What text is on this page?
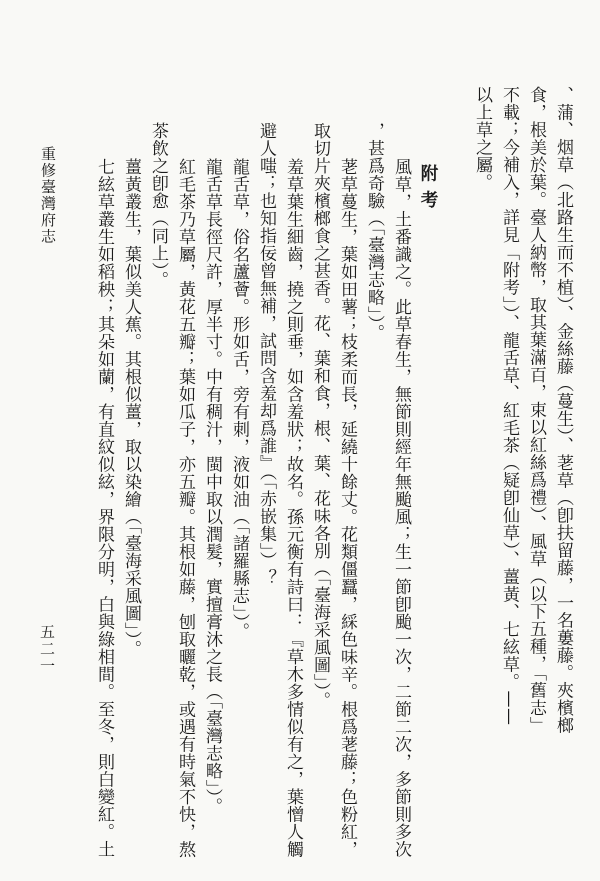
重修臺灣府志
五二一	、蒲、烟草（北路生而不植）、金絲藤（蔓生）、荖草（卽扶留藤，一名蔞藤。夾檳榔
食，根美於葉。臺人納幣，取其葉滿百，束以紅絲爲禮）、風草（以下五種，「舊志」
不載；今補入，詳見「附考」）、龍舌草、紅毛茶（疑卽仙草）、薑黃、七絃草。——
以上草之屬。
附考
風草，土番識之。此草春生，無節則經年無颱風；生一節卽颱一次，二節二次，多節則多次
，甚爲奇驗（「臺灣志略」）。
荖草蔓生，葉如田薯；枝柔而長，延繞十餘丈。花類僵蠶，綵色味辛。根爲荖藤；色粉紅，
取切片夾檳榔食之甚香。花、葉和食，根、葉、花味各別（「臺海采風圖」）。
羞草葉生細齒，撓之則垂，如含羞狀；故名。孫元衡有詩曰：『草木多情似有之，葉憎人觸
避人嗤；也知指佞曾無補，試問含羞却爲誰』（「赤嵌集」）？
龍舌草，俗名蘆薈。形如舌，旁有刺，液如油（「諸羅縣志」）。
龍舌草長徑尺許，厚半寸。中有稠汁，閩中取以潤髮，實擅膏沐之長（「臺灣志略」）。
紅毛茶乃草屬，黃花五瓣；葉如瓜子，亦五瓣。其根如藤，刨取曬乾，或遇有時氣不快，熬
茶飲之卽愈（同上）。
薑黃叢生，葉似美人蕉。其根似薑，取以染繪（「臺海采風圖」）。
七絃草叢生如稻秧；其朵如蘭，有直紋似絃，界限分明，白與綠相間。至冬，則白變紅。土
